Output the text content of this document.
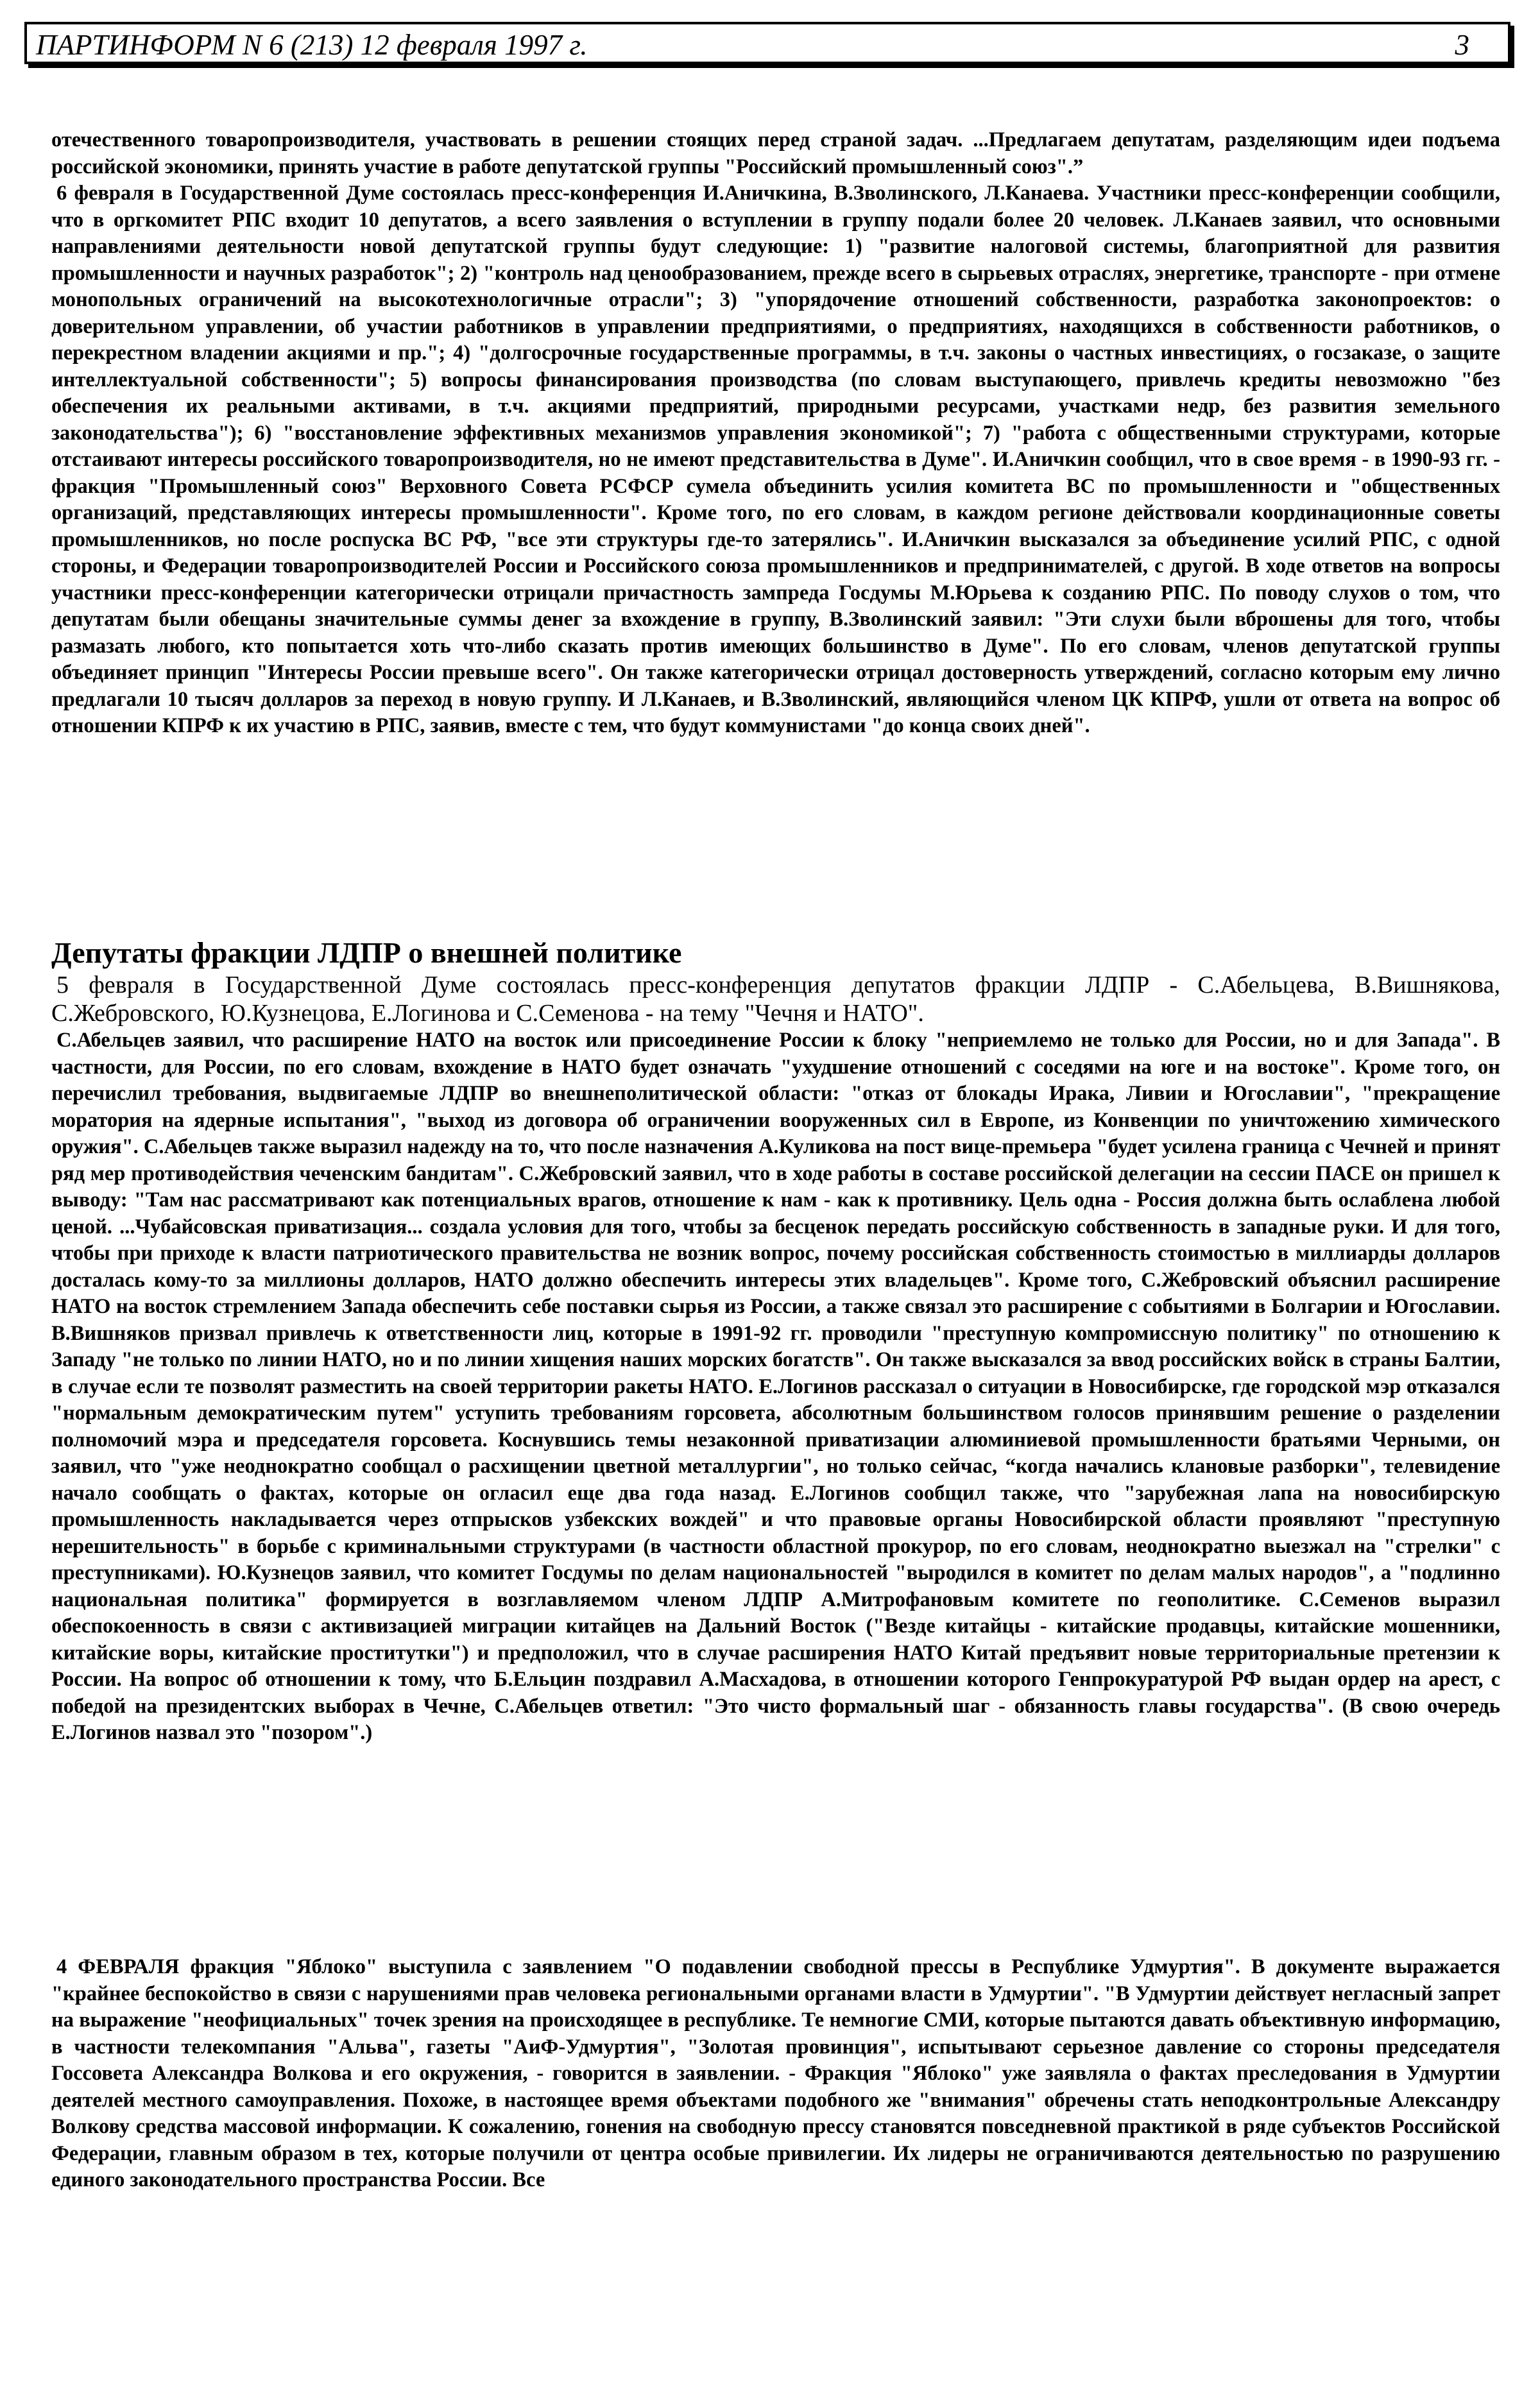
ПАРТИНФОРМ N 6 (213) 12 февраля 1997 г.	3

отечественного товаропроизводителя, участвовать в решении стоящих перед страной задач. ...Предлагаем депутатам, разделяющим идеи подъема российской экономики, принять участие в работе депутатской группы "Российский промышленный союз".”

6 февраля в Государственной Думе состоялась пресс-конференция И.Аничкина, В.Зволинского, Л.Канаева. Участники пресс-конференции сообщили, что в оргкомитет РПС входит 10 депутатов, а всего заявления о вступлении в группу подали более 20 человек. Л.Канаев заявил, что основными направлениями деятельности новой депутатской группы будут следующие: 1) "развитие налоговой системы, благоприятной для развития промышленности и научных разработок"; 2) "контроль над ценообразованием, прежде всего в сырьевых отраслях, энергетике, транспорте - при отмене монопольных ограничений на высокотехнологичные отрасли"; 3) "упорядочение отношений собственности, разработка законопроектов: о доверительном управлении, об участии работников в управлении предприятиями, о предприятиях, находящихся в собственности работников, о перекрестном владении акциями и пр."; 4) "долгосрочные государственные программы, в т.ч. законы о частных инвестициях, о госзаказе, о защите интеллектуальной собственности"; 5) вопросы финансирования производства (по словам выступающего, привлечь кредиты невозможно "без обеспечения их реальными активами, в т.ч. акциями предприятий, природными ресурсами, участками недр, без развития земельного законодательства"); 6) "восстановление эффективных механизмов управления экономикой"; 7) "работа с общественными структурами, которые отстаивают интересы российского товаропроизводителя, но не имеют представительства в Думе". И.Аничкин сообщил, что в свое время - в 1990-93 гг. - фракция "Промышленный союз" Верховного Совета РСФСР сумела объединить усилия комитета ВС по промышленности и "общественных организаций, представляющих интересы промышленности". Кроме того, по его словам, в каждом регионе действовали координационные советы промышленников, но после роспуска ВС РФ, "все эти структуры где-то затерялись". И.Аничкин высказался за объединение усилий РПС, с одной стороны, и Федерации товаропроизводителей России и Российского союза промышленников и предпринимателей, с другой. В ходе ответов на вопросы участники пресс-конференции категорически отрицали причастность зампреда Госдумы М.Юрьева к созданию РПС. По поводу слухов о том, что депутатам были обещаны значительные суммы денег за вхождение в группу, В.Зволинский заявил: "Эти слухи были вброшены для того, чтобы размазать любого, кто попытается хоть что-либо сказать против имеющих большинство в Думе". По его словам, членов депутатской группы объединяет принцип "Интересы России превыше всего". Он также категорически отрицал достоверность утверждений, согласно которым ему лично предлагали 10 тысяч долларов за переход в новую группу. И Л.Канаев, и В.Зволинский, являющийся членом ЦК КПРФ, ушли от ответа на вопрос об отношении КПРФ к их участию в РПС, заявив, вместе с тем, что будут коммунистами "до конца своих дней".

Депутаты фракции ЛДПР о внешней политике

5 февраля в Государственной Думе состоялась пресс-конференция депутатов фракции ЛДПР - С.Абельцева, В.Вишнякова, С.Жебровского, Ю.Кузнецова, Е.Логинова и С.Семенова - на тему "Чечня и НАТО".

С.Абельцев заявил, что расширение НАТО на восток или присоединение России к блоку "неприемлемо не только для России, но и для Запада". В частности, для России, по его словам, вхождение в НАТО будет означать "ухудшение отношений с соседями на юге и на востоке". Кроме того, он перечислил требования, выдвигаемые ЛДПР во внешнеполитической области: "отказ от блокады Ирака, Ливии и Югославии", "прекращение моратория на ядерные испытания", "выход из договора об ограничении вооруженных сил в Европе, из Конвенции по уничтожению химического оружия". С.Абельцев также выразил надежду на то, что после назначения А.Куликова на пост вице-премьера "будет усилена граница с Чечней и принят ряд мер противодействия чеченским бандитам". С.Жебровский заявил, что в ходе работы в составе российской делегации на сессии ПАСЕ он пришел к выводу: "Там нас рассматривают как потенциальных врагов, отношение к нам - как к противнику. Цель одна - Россия должна быть ослаблена любой ценой. ...Чубайсовская приватизация... создала условия для того, чтобы за бесценок передать российскую собственность в западные руки. И для того, чтобы при приходе к власти патриотического правительства не возник вопрос, почему российская собственность стоимостью в миллиарды долларов досталась кому-то за миллионы долларов, НАТО должно обеспечить интересы этих владельцев". Кроме того, С.Жебровский объяснил расширение НАТО на восток стремлением Запада обеспечить себе поставки сырья из России, а также связал это расширение с событиями в Болгарии и Югославии. В.Вишняков призвал привлечь к ответственности лиц, которые в 1991-92 гг. проводили "преступную компромиссную политику" по отношению к Западу "не только по линии НАТО, но и по линии хищения наших морских богатств". Он также высказался за ввод российских войск в страны Балтии, в случае если те позволят разместить на своей территории ракеты НАТО. Е.Логинов рассказал о ситуации в Новосибирске, где городской мэр отказался "нормальным демократическим путем" уступить требованиям горсовета, абсолютным большинством голосов принявшим решение о разделении полномочий мэра и председателя горсовета. Коснувшись темы незаконной приватизации алюминиевой промышленности братьями Черными, он заявил, что "уже неоднократно сообщал о расхищении цветной металлургии", но только сейчас, “когда начались клановые разборки", телевидение начало сообщать о фактах, которые он огласил еще два года назад. Е.Логинов сообщил также, что "зарубежная лапа на новосибирскую промышленность накладывается через отпрысков узбекских вождей" и что правовые органы Новосибирской области проявляют "преступную нерешительность" в борьбе с криминальными структурами (в частности областной прокурор, по его словам, неоднократно выезжал на "стрелки" с преступниками). Ю.Кузнецов заявил, что комитет Госдумы по делам национальностей "выродился в комитет по делам малых народов", а "подлинно национальная политика" формируется в возглавляемом членом ЛДПР А.Митрофановым комитете по геополитике. С.Семенов выразил обеспокоенность в связи с активизацией миграции китайцев на Дальний Восток ("Везде китайцы - китайские продавцы, китайские мошенники, китайские воры, китайские проститутки") и предположил, что в случае расширения НАТО Китай предъявит новые территориальные претензии к России. На вопрос об отношении к тому, что Б.Ельцин поздравил А.Масхадова, в отношении которого Генпрокуратурой РФ выдан ордер на арест, с победой на президентских выборах в Чечне, С.Абельцев ответил: "Это чисто формальный шаг - обязанность главы государства". (В свою очередь Е.Логинов назвал это "позором".)

4 ФЕВРАЛЯ фракция "Яблоко" выступила с заявлением "О подавлении свободной прессы в Республике Удмуртия". В документе выражается "крайнее беспокойство в связи с нарушениями прав человека региональными органами власти в Удмуртии". "В Удмуртии действует негласный запрет на выражение "неофициальных" точек зрения на происходящее в республике. Те немногие СМИ, которые пытаются давать объективную информацию, в частности телекомпания "Альва", газеты "АиФ-Удмуртия", "Золотая провинция", испытывают серьезное давление со стороны председателя Госсовета Александра Волкова и его окружения, - говорится в заявлении. - Фракция "Яблоко" уже заявляла о фактах преследования в Удмуртии деятелей местного самоуправления. Похоже, в настоящее время объектами подобного же "внимания" обречены стать неподконтрольные Александру Волкову средства массовой информации. К сожалению, гонения на свободную прессу становятся повседневной практикой в ряде субъектов Российской Федерации, главным образом в тех, которые получили от центра особые привилегии. Их лидеры не ограничиваются деятельностью по разрушению единого законодательного пространства России. Все
